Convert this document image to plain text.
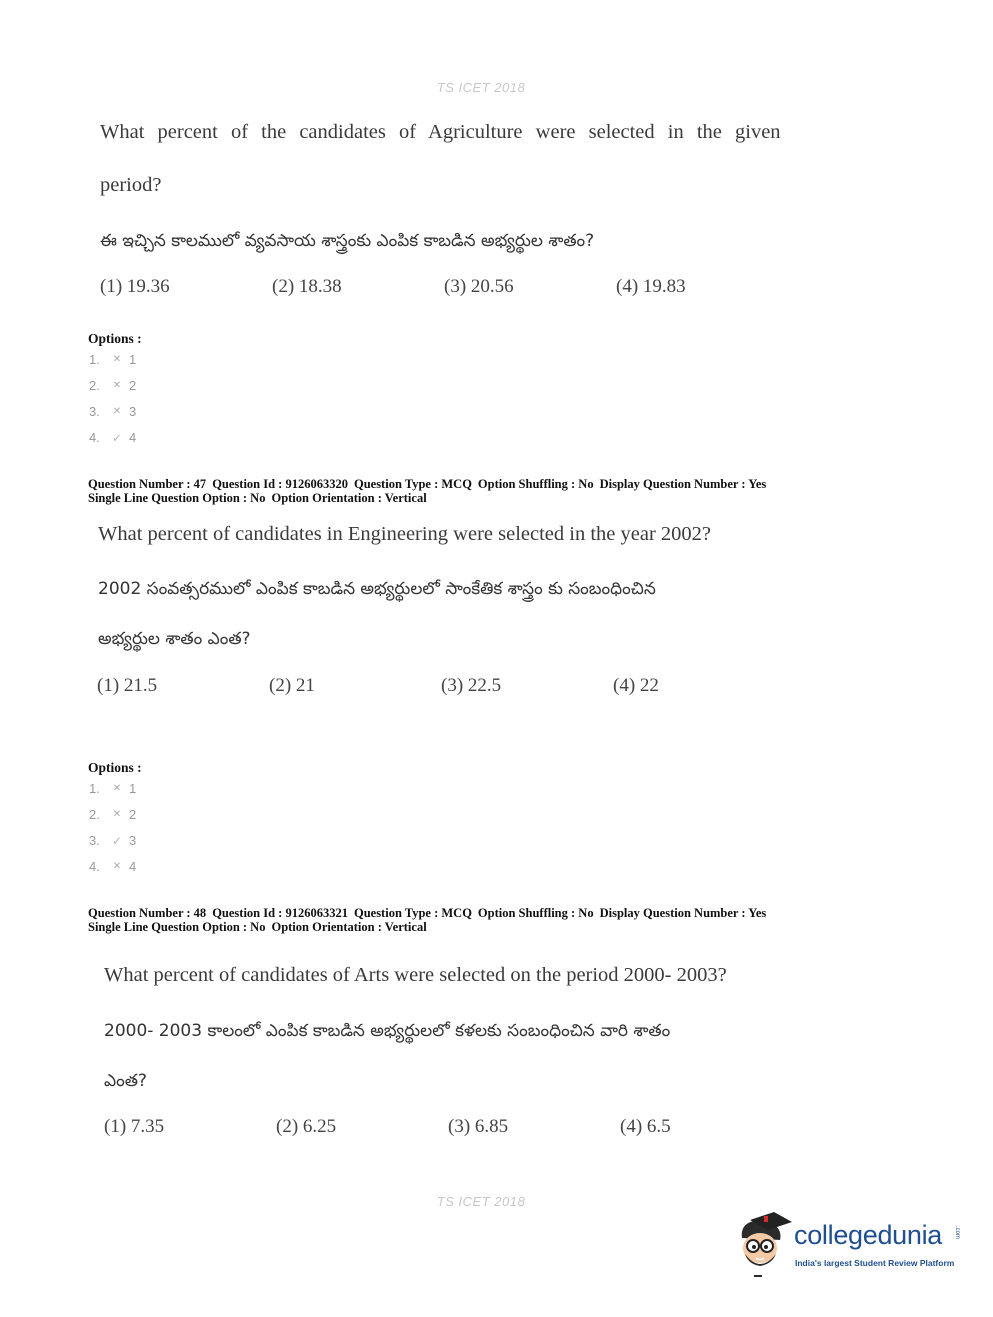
TS ICET 2018
What percent of the candidates of Agriculture were selected in the given
period?
ఈ ఇచ్చిన కాలములో వ్యవసాయ శాస్త్రంకు ఎంపిక కాబడిన అభ్యర్థుల శాతం?
(1) 19.36	(2) 18.38	(3) 20.56	(4) 19.83
Options :
1.	✕ 1
2.	✕ 2
3.	✕ 3
4.	✓ 4
Question Number : 47 Question Id : 9126063320 Question Type : MCQ Option Shuffling : No Display Question Number : Yes
Single Line Question Option : No Option Orientation : Vertical
What percent of candidates in Engineering were selected in the year 2002?
2002 సంవత్సరములో ఎంపిక కాబడిన అభ్యర్థులలో సాంకేతిక శాస్త్రం కు సంబంధించిన
అభ్యర్థుల శాతం ఎంత?
(1) 21.5	(2) 21	(3) 22.5	(4) 22
Options :
1.	✕ 1
2.	✕ 2
3.	✓ 3
4.	✕ 4
Question Number : 48 Question Id : 9126063321 Question Type : MCQ Option Shuffling : No Display Question Number : Yes
Single Line Question Option : No Option Orientation : Vertical
What percent of candidates of Arts were selected on the period 2000- 2003?
2000- 2003 కాలంలో ఎంపిక కాబడిన అభ్యర్థులలో కళలకు సంబంధించిన వారి శాతం
ఎంత?
(1) 7.35	(2) 6.25	(3) 6.85	(4) 6.5
TS ICET 2018
collegedunia .com
India's largest Student Review Platform
